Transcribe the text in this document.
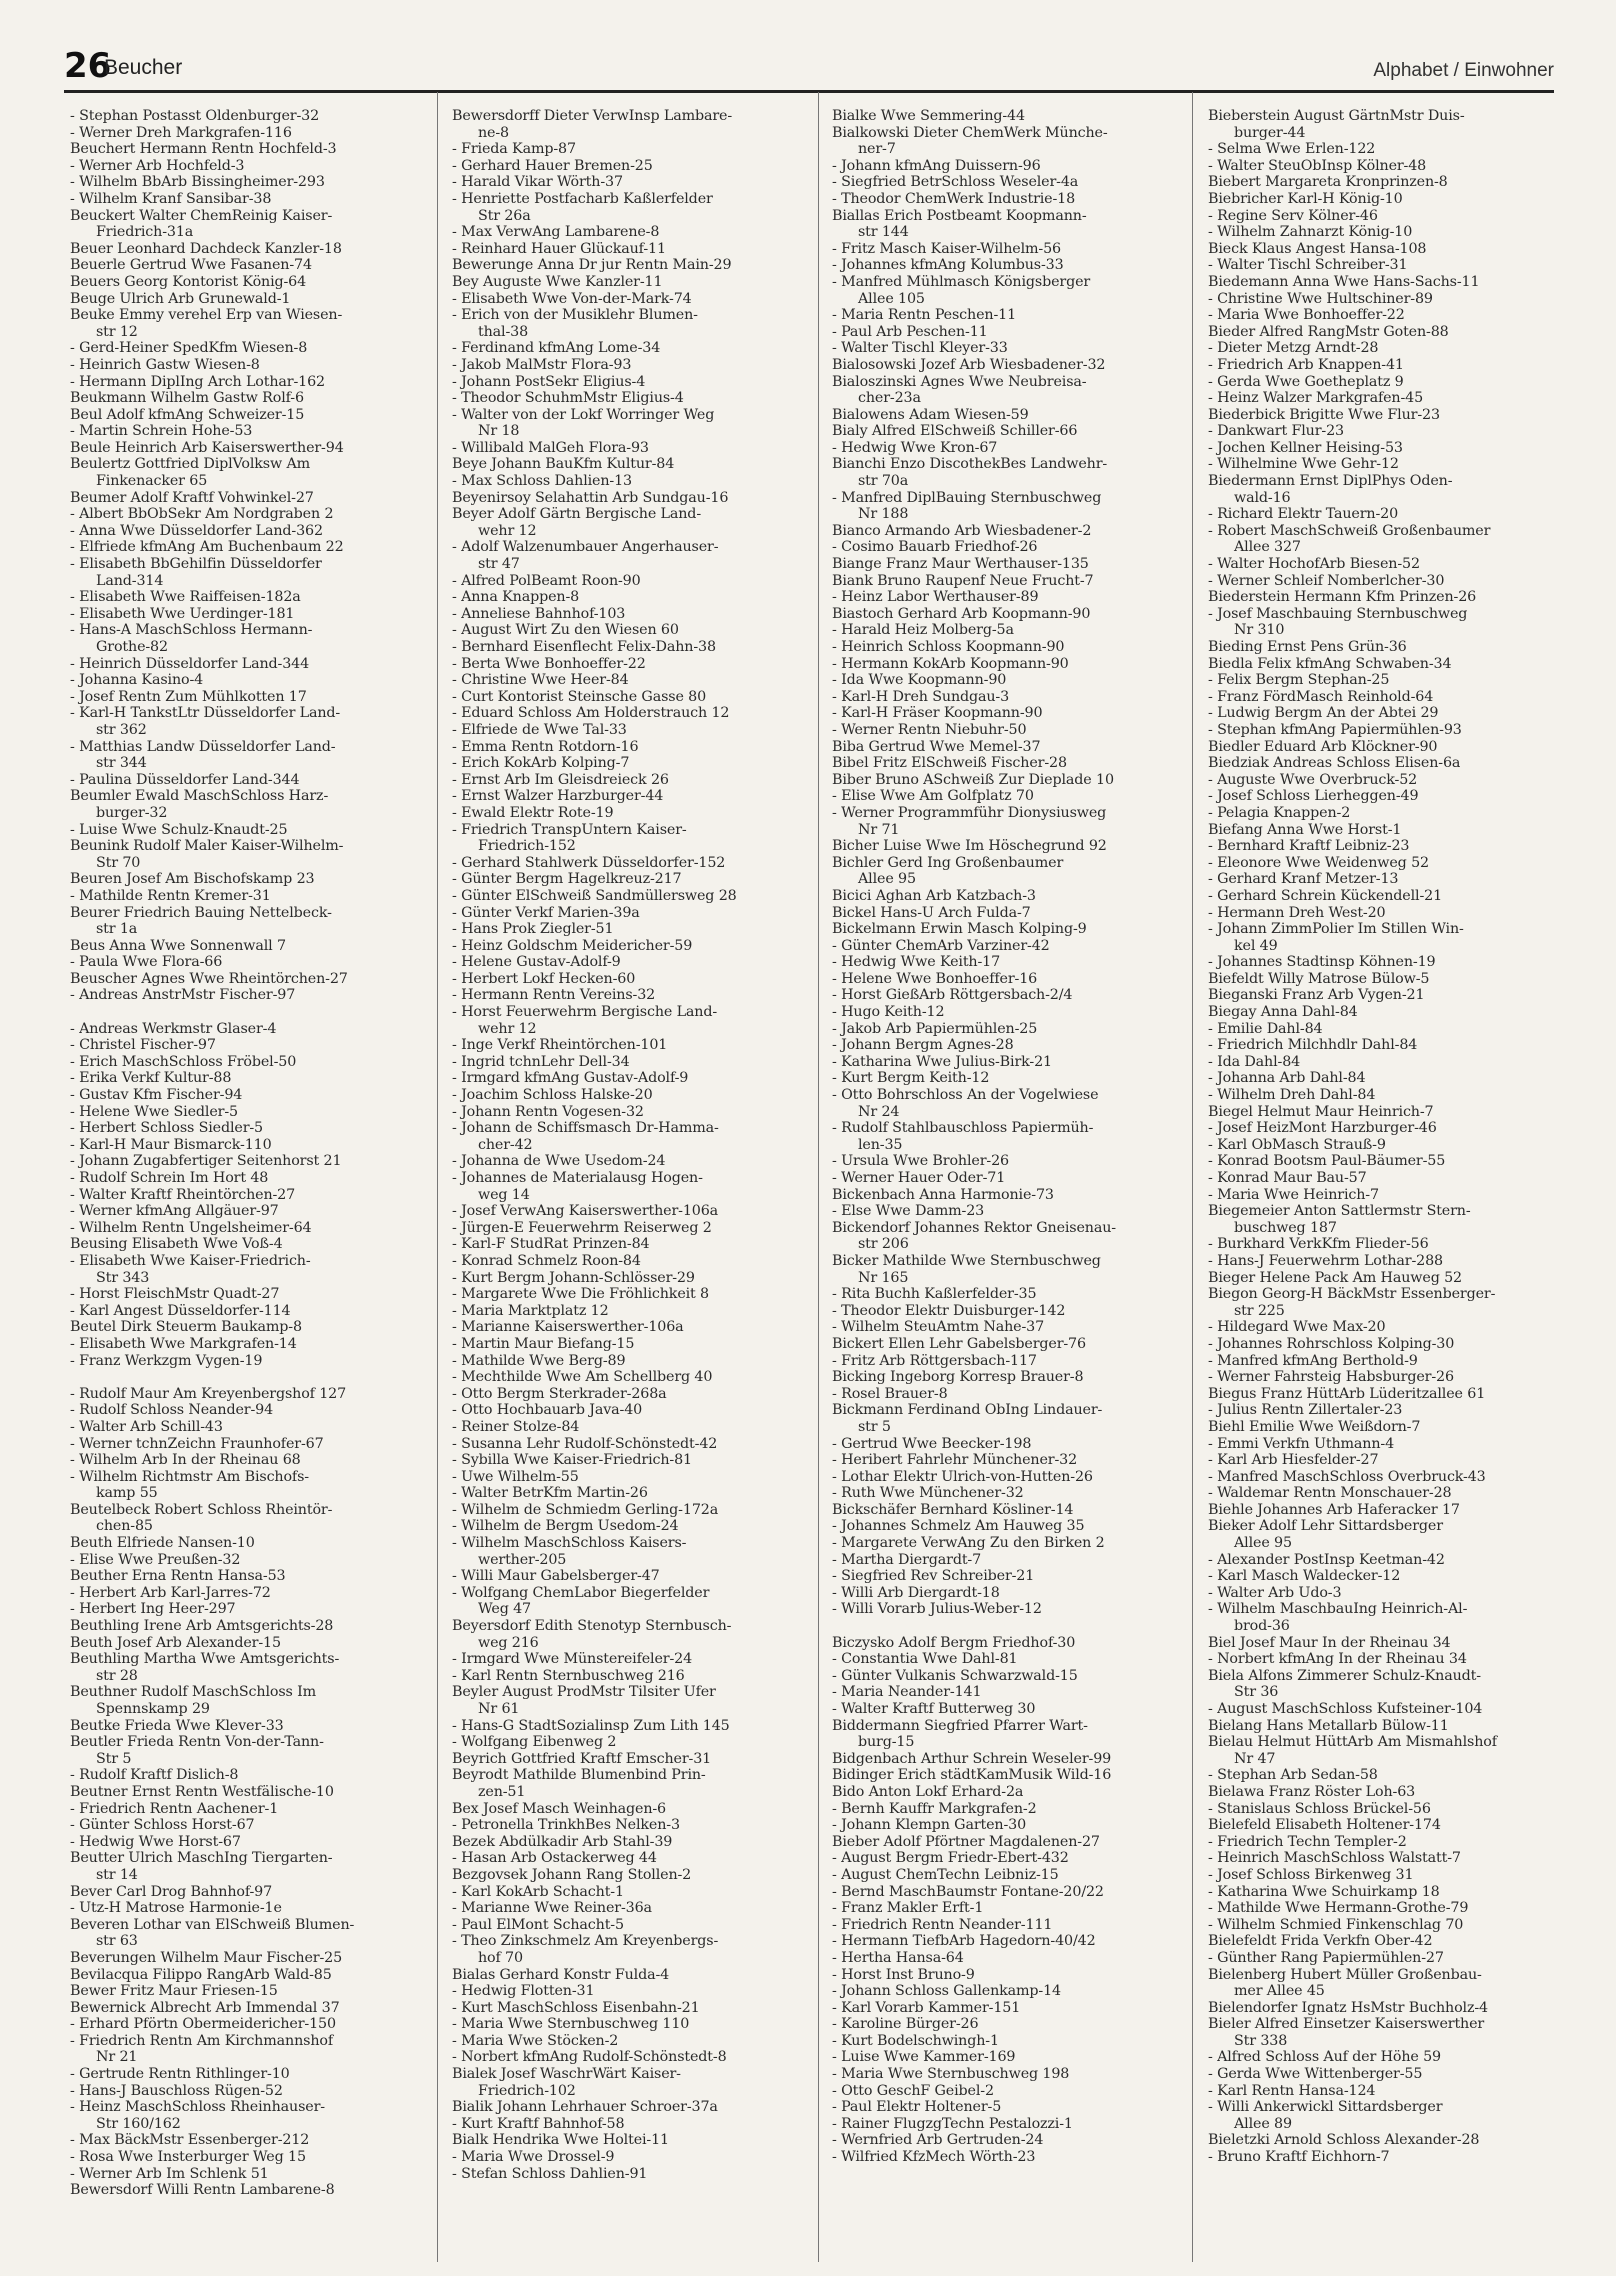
26
Beucher	Alphabet / Einwohner

- Stephan Postasst Oldenburger-32

- Werner Dreh Markgrafen-116

Beuchert Hermann Rentn Hochfeld-3

- Werner Arb Hochfeld-3

- Wilhelm BbArb Bissingheimer-293

- Wilhelm Kranf Sansibar-38

Beuckert Walter ChemReinig Kaiser-

Friedrich-31a

Beuer Leonhard Dachdeck Kanzler-18

Beuerle Gertrud Wwe Fasanen-74

Beuers Georg Kontorist König-64

Beuge Ulrich Arb Grunewald-1

Beuke Emmy verehel Erp van Wiesen-

str 12

- Gerd-Heiner SpedKfm Wiesen-8

- Heinrich Gastw Wiesen-8

- Hermann DiplIng Arch Lothar-162

Beukmann Wilhelm Gastw Rolf-6

Beul Adolf kfmAng Schweizer-15

- Martin Schrein Hohe-53

Beule Heinrich Arb Kaiserswerther-94

Beulertz Gottfried DiplVolksw Am

Finkenacker 65

Beumer Adolf Kraftf Vohwinkel-27

- Albert BbObSekr Am Nordgraben 2

- Anna Wwe Düsseldorfer Land-362

- Elfriede kfmAng Am Buchenbaum 22

- Elisabeth BbGehilfin Düsseldorfer

Land-314

- Elisabeth Wwe Raiffeisen-182a

- Elisabeth Wwe Uerdinger-181

- Hans-A MaschSchloss Hermann-

Grothe-82

- Heinrich Düsseldorfer Land-344

- Johanna Kasino-4

- Josef Rentn Zum Mühlkotten 17

- Karl-H TankstLtr Düsseldorfer Land-

str 362

- Matthias Landw Düsseldorfer Land-

str 344

- Paulina Düsseldorfer Land-344

Beumler Ewald MaschSchloss Harz-

burger-32

- Luise Wwe Schulz-Knaudt-25

Beunink Rudolf Maler Kaiser-Wilhelm-

Str 70

Beuren Josef Am Bischofskamp 23

- Mathilde Rentn Kremer-31

Beurer Friedrich Bauing Nettelbeck-

str 1a

Beus Anna Wwe Sonnenwall 7

- Paula Wwe Flora-66

Beuscher Agnes Wwe Rheintörchen-27

- Andreas AnstrMstr Fischer-97

- Andreas Werkmstr Glaser-4

- Christel Fischer-97

- Erich MaschSchloss Fröbel-50

- Erika Verkf Kultur-88

- Gustav Kfm Fischer-94

- Helene Wwe Siedler-5

- Herbert Schloss Siedler-5

- Karl-H Maur Bismarck-110

- Johann Zugabfertiger Seitenhorst 21

- Rudolf Schrein Im Hort 48

- Walter Kraftf Rheintörchen-27

- Werner kfmAng Allgäuer-97

- Wilhelm Rentn Ungelsheimer-64

Beusing Elisabeth Wwe Voß-4

- Elisabeth Wwe Kaiser-Friedrich-

Str 343

- Horst FleischMstr Quadt-27

- Karl Angest Düsseldorfer-114

Beutel Dirk Steuerm Baukamp-8

- Elisabeth Wwe Markgrafen-14

- Franz Werkzgm Vygen-19

- Rudolf Maur Am Kreyenbergshof 127

- Rudolf Schloss Neander-94

- Walter Arb Schill-43

- Werner tchnZeichn Fraunhofer-67

- Wilhelm Arb In der Rheinau 68

- Wilhelm Richtmstr Am Bischofs-

kamp 55

Beutelbeck Robert Schloss Rheintör-

chen-85

Beuth Elfriede Nansen-10

- Elise Wwe Preußen-32

Beuther Erna Rentn Hansa-53

- Herbert Arb Karl-Jarres-72

- Herbert Ing Heer-297

Beuthling Irene Arb Amtsgerichts-28

Beuth Josef Arb Alexander-15

Beuthling Martha Wwe Amtsgerichts-

str 28

Beuthner Rudolf MaschSchloss Im

Spennskamp 29

Beutke Frieda Wwe Klever-33

Beutler Frieda Rentn Von-der-Tann-

Str 5

- Rudolf Kraftf Dislich-8

Beutner Ernst Rentn Westfälische-10

- Friedrich Rentn Aachener-1

- Günter Schloss Horst-67

- Hedwig Wwe Horst-67

Beutter Ulrich MaschIng Tiergarten-

str 14

Bever Carl Drog Bahnhof-97

- Utz-H Matrose Harmonie-1e

Beveren Lothar van ElSchweiß Blumen-

str 63

Beverungen Wilhelm Maur Fischer-25

Bevilacqua Filippo RangArb Wald-85

Bewer Fritz Maur Friesen-15

Bewernick Albrecht Arb Immendal 37

- Erhard Pförtn Obermeidericher-150

- Friedrich Rentn Am Kirchmannshof

Nr 21

- Gertrude Rentn Rithlinger-10

- Hans-J Bauschloss Rügen-52

- Heinz MaschSchloss Rheinhauser-

Str 160/162

- Max BäckMstr Essenberger-212

- Rosa Wwe Insterburger Weg 15

- Werner Arb Im Schlenk 51

Bewersdorf Willi Rentn Lambarene-8

Bewersdorff Dieter VerwInsp Lambare-

ne-8

- Frieda Kamp-87

- Gerhard Hauer Bremen-25

- Harald Vikar Wörth-37

- Henriette Postfacharb Kaßlerfelder

Str 26a

- Max VerwAng Lambarene-8

- Reinhard Hauer Glückauf-11

Bewerunge Anna Dr jur Rentn Main-29

Bey Auguste Wwe Kanzler-11

- Elisabeth Wwe Von-der-Mark-74

- Erich von der Musiklehr Blumen-

thal-38

- Ferdinand kfmAng Lome-34

- Jakob MalMstr Flora-93

- Johann PostSekr Eligius-4

- Theodor SchuhmMstr Eligius-4

- Walter von der Lokf Worringer Weg

Nr 18

- Willibald MalGeh Flora-93

Beye Johann BauKfm Kultur-84

- Max Schloss Dahlien-13

Beyenirsoy Selahattin Arb Sundgau-16

Beyer Adolf Gärtn Bergische Land-

wehr 12

- Adolf Walzenumbauer Angerhauser-

str 47

- Alfred PolBeamt Roon-90

- Anna Knappen-8

- Anneliese Bahnhof-103

- August Wirt Zu den Wiesen 60

- Bernhard Eisenflecht Felix-Dahn-38

- Berta Wwe Bonhoeffer-22

- Christine Wwe Heer-84

- Curt Kontorist Steinsche Gasse 80

- Eduard Schloss Am Holderstrauch 12

- Elfriede de Wwe Tal-33

- Emma Rentn Rotdorn-16

- Erich KokArb Kolping-7

- Ernst Arb Im Gleisdreieck 26

- Ernst Walzer Harzburger-44

- Ewald Elektr Rote-19

- Friedrich TranspUntern Kaiser-

Friedrich-152

- Gerhard Stahlwerk Düsseldorfer-152

- Günter Bergm Hagelkreuz-217

- Günter ElSchweiß Sandmüllersweg 28

- Günter Verkf Marien-39a

- Hans Prok Ziegler-51

- Heinz Goldschm Meidericher-59

- Helene Gustav-Adolf-9

- Herbert Lokf Hecken-60

- Hermann Rentn Vereins-32

- Horst Feuerwehrm Bergische Land-

wehr 12

- Inge Verkf Rheintörchen-101

- Ingrid tchnLehr Dell-34

- Irmgard kfmAng Gustav-Adolf-9

- Joachim Schloss Halske-20

- Johann Rentn Vogesen-32

- Johann de Schiffsmasch Dr-Hamma-

cher-42

- Johanna de Wwe Usedom-24

- Johannes de Materialausg Hogen-

weg 14

- Josef VerwAng Kaiserswerther-106a

- Jürgen-E Feuerwehrm Reiserweg 2

- Karl-F StudRat Prinzen-84

- Konrad Schmelz Roon-84

- Kurt Bergm Johann-Schlösser-29

- Margarete Wwe Die Fröhlichkeit 8

- Maria Marktplatz 12

- Marianne Kaiserswerther-106a

- Martin Maur Biefang-15

- Mathilde Wwe Berg-89

- Mechthilde Wwe Am Schellberg 40

- Otto Bergm Sterkrader-268a

- Otto Hochbauarb Java-40

- Reiner Stolze-84

- Susanna Lehr Rudolf-Schönstedt-42

- Sybilla Wwe Kaiser-Friedrich-81

- Uwe Wilhelm-55

- Walter BetrKfm Martin-26

- Wilhelm de Schmiedm Gerling-172a

- Wilhelm de Bergm Usedom-24

- Wilhelm MaschSchloss Kaisers-

werther-205

- Willi Maur Gabelsberger-47

- Wolfgang ChemLabor Biegerfelder

Weg 47

Beyersdorf Edith Stenotyp Sternbusch-

weg 216

- Irmgard Wwe Münstereifeler-24

- Karl Rentn Sternbuschweg 216

Beyler August ProdMstr Tilsiter Ufer

Nr 61

- Hans-G StadtSozialinsp Zum Lith 145

- Wolfgang Eibenweg 2

Beyrich Gottfried Kraftf Emscher-31

Beyrodt Mathilde Blumenbind Prin-

zen-51

Bex Josef Masch Weinhagen-6

- Petronella TrinkhBes Nelken-3

Bezek Abdülkadir Arb Stahl-39

- Hasan Arb Ostackerweg 44

Bezgovsek Johann Rang Stollen-2

- Karl KokArb Schacht-1

- Marianne Wwe Reiner-36a

- Paul ElMont Schacht-5

- Theo Zinkschmelz Am Kreyenbergs-

hof 70

Bialas Gerhard Konstr Fulda-4

- Hedwig Flotten-31

- Kurt MaschSchloss Eisenbahn-21

- Maria Wwe Sternbuschweg 110

- Maria Wwe Stöcken-2

- Norbert kfmAng Rudolf-Schönstedt-8

Bialek Josef WaschrWärt Kaiser-

Friedrich-102

Bialik Johann Lehrhauer Schroer-37a

- Kurt Kraftf Bahnhof-58

Bialk Hendrika Wwe Holtei-11

- Maria Wwe Drossel-9

- Stefan Schloss Dahlien-91

Bialke Wwe Semmering-44

Bialkowski Dieter ChemWerk Münche-

ner-7

- Johann kfmAng Duissern-96

- Siegfried BetrSchloss Weseler-4a

- Theodor ChemWerk Industrie-18

Biallas Erich Postbeamt Koopmann-

str 144

- Fritz Masch Kaiser-Wilhelm-56

- Johannes kfmAng Kolumbus-33

- Manfred Mühlmasch Königsberger

Allee 105

- Maria Rentn Peschen-11

- Paul Arb Peschen-11

- Walter Tischl Kleyer-33

Bialosowski Jozef Arb Wiesbadener-32

Bialoszinski Agnes Wwe Neubreisa-

cher-23a

Bialowens Adam Wiesen-59

Bialy Alfred ElSchweiß Schiller-66

- Hedwig Wwe Kron-67

Bianchi Enzo DiscothekBes Landwehr-

str 70a

- Manfred DiplBauing Sternbuschweg

Nr 188

Bianco Armando Arb Wiesbadener-2

- Cosimo Bauarb Friedhof-26

Biange Franz Maur Werthauser-135

Biank Bruno Raupenf Neue Frucht-7

- Heinz Labor Werthauser-89

Biastoch Gerhard Arb Koopmann-90

- Harald Heiz Molberg-5a

- Heinrich Schloss Koopmann-90

- Hermann KokArb Koopmann-90

- Ida Wwe Koopmann-90

- Karl-H Dreh Sundgau-3

- Karl-H Fräser Koopmann-90

- Werner Rentn Niebuhr-50

Biba Gertrud Wwe Memel-37

Bibel Fritz ElSchweiß Fischer-28

Biber Bruno ASchweiß Zur Diepladе 10

- Elise Wwe Am Golfplatz 70

- Werner Programmführ Dionysiusweg

Nr 71

Bicher Luise Wwe Im Höschegrund 92

Bichler Gerd Ing Großenbaumer

Allee 95

Bicici Aghan Arb Katzbach-3

Bickel Hans-U Arch Fulda-7

Bickelmann Erwin Masch Kolping-9

- Günter ChemArb Varziner-42

- Hedwig Wwe Keith-17

- Helene Wwe Bonhoeffer-16

- Horst GießArb Röttgersbach-2/4

- Hugo Keith-12

- Jakob Arb Papiermühlen-25

- Johann Bergm Agnes-28

- Katharina Wwe Julius-Birk-21

- Kurt Bergm Keith-12

- Otto Bohrschloss An der Vogelwiese

Nr 24

- Rudolf Stahlbauschloss Papiermüh-

len-35

- Ursula Wwe Brohler-26

- Werner Hauer Oder-71

Bickenbach Anna Harmonie-73

- Else Wwe Damm-23

Bickendorf Johannes Rektor Gneisenau-

str 206

Bicker Mathilde Wwe Sternbuschweg

Nr 165

- Rita Buchh Kaßlerfelder-35

- Theodor Elektr Duisburger-142

- Wilhelm SteuAmtm Nahe-37

Bickert Ellen Lehr Gabelsberger-76

- Fritz Arb Röttgersbach-117

Bicking Ingeborg Korresp Brauer-8

- Rosel Brauer-8

Bickmann Ferdinand ObIng Lindauer-

str 5

- Gertrud Wwe Beecker-198

- Heribert Fahrlehr Münchener-32

- Lothar Elektr Ulrich-von-Hutten-26

- Ruth Wwe Münchener-32

Bickschäfer Bernhard Kösliner-14

- Johannes Schmelz Am Hauweg 35

- Margarete VerwAng Zu den Birken 2

- Martha Diergardt-7

- Siegfried Rev Schreiber-21

- Willi Arb Diergardt-18

- Willi Vorarb Julius-Weber-12

Biczysko Adolf Bergm Friedhof-30

- Constantia Wwe Dahl-81

- Günter Vulkanis Schwarzwald-15

- Maria Neander-141

- Walter Kraftf Butterweg 30

Biddermann Siegfried Pfarrer Wart-

burg-15

Bidgenbach Arthur Schrein Weseler-99

Bidinger Erich städtKamMusik Wild-16

Bido Anton Lokf Erhard-2a

- Bernh Kauffr Markgrafen-2

- Johann Klempn Garten-30

Bieber Adolf Pförtner Magdalenen-27

- August Bergm Friedr-Ebert-432

- August ChemTechn Leibniz-15

- Bernd MaschBaumstr Fontane-20/22

- Franz Makler Erft-1

- Friedrich Rentn Neander-111

- Hermann TiefbArb Hagedorn-40/42

- Hertha Hansa-64

- Horst Inst Bruno-9

- Johann Schloss Gallenkamp-14

- Karl Vorarb Kammer-151

- Karoline Bürger-26

- Kurt Bodelschwingh-1

- Luise Wwe Kammer-169

- Maria Wwe Sternbuschweg 198

- Otto GeschF Geibel-2

- Paul Elektr Holtener-5

- Rainer FlugzgTechn Pestalozzi-1

- Wernfried Arb Gertruden-24

- Wilfried KfzMech Wörth-23

Bieberstein August GärtnMstr Duis-

burger-44

- Selma Wwe Erlen-122

- Walter SteuObInsp Kölner-48

Biebert Margareta Kronprinzen-8

Biebricher Karl-H König-10

- Regine Serv Kölner-46

- Wilhelm Zahnarzt König-10

Bieck Klaus Angest Hansa-108

- Walter Tischl Schreiber-31

Biedemann Anna Wwe Hans-Sachs-11

- Christine Wwe Hultschiner-89

- Maria Wwe Bonhoeffer-22

Bieder Alfred RangMstr Goten-88

- Dieter Metzg Arndt-28

- Friedrich Arb Knappen-41

- Gerda Wwe Goetheplatz 9

- Heinz Walzer Markgrafen-45

Biederbick Brigitte Wwe Flur-23

- Dankwart Flur-23

- Jochen Kellner Heising-53

- Wilhelmine Wwe Gehr-12

Biedermann Ernst DiplPhys Oden-

wald-16

- Richard Elektr Tauern-20

- Robert MaschSchweiß Großenbaumer

Allee 327

- Walter HochofArb Biesen-52

- Werner Schleif Nomberlcher-30

Biederstein Hermann Kfm Prinzen-26

- Josef Maschbauing Sternbuschweg

Nr 310

Bieding Ernst Pens Grün-36

Biedla Felix kfmAng Schwaben-34

- Felix Bergm Stephan-25

- Franz FördMasch Reinhold-64

- Ludwig Bergm An der Abtei 29

- Stephan kfmAng Papiermühlen-93

Biedler Eduard Arb Klöckner-90

Biedziak Andreas Schloss Elisen-6a

- Auguste Wwe Overbruck-52

- Josef Schloss Lierheggen-49

- Pelagia Knappen-2

Biefang Anna Wwe Horst-1

- Bernhard Kraftf Leibniz-23

- Eleonore Wwe Weidenweg 52

- Gerhard Kranf Metzer-13

- Gerhard Schrein Kückendell-21

- Hermann Dreh West-20

- Johann ZimmPolier Im Stillen Win-

kel 49

- Johannes Stadtinsp Köhnen-19

Biefeldt Willy Matrose Bülow-5

Bieganski Franz Arb Vygen-21

Biegay Anna Dahl-84

- Emilie Dahl-84

- Friedrich Milchhdlr Dahl-84

- Ida Dahl-84

- Johanna Arb Dahl-84

- Wilhelm Dreh Dahl-84

Biegel Helmut Maur Heinrich-7

- Josef HeizMont Harzburger-46

- Karl ObMasch Strauß-9

- Konrad Bootsm Paul-Bäumer-55

- Konrad Maur Bau-57

- Maria Wwe Heinrich-7

Biegemeier Anton Sattlermstr Stern-

buschweg 187

- Burkhard VerkKfm Flieder-56

- Hans-J Feuerwehrm Lothar-288

Bieger Helene Pack Am Hauweg 52

Biegon Georg-H BäckMstr Essenberger-

str 225

- Hildegard Wwe Max-20

- Johannes Rohrschloss Kolping-30

- Manfred kfmAng Berthold-9

- Werner Fahrsteig Habsburger-26

Biegus Franz HüttArb Lüderitzallee 61

- Julius Rentn Zillertaler-23

Biehl Emilie Wwe Weißdorn-7

- Emmi Verkfn Uthmann-4

- Karl Arb Hiesfelder-27

- Manfred MaschSchloss Overbruck-43

- Waldemar Rentn Monschauer-28

Biehle Johannes Arb Haferacker 17

Bieker Adolf Lehr Sittardsberger

Allee 95

- Alexander PostInsp Keetman-42

- Karl Masch Waldecker-12

- Walter Arb Udo-3

- Wilhelm MaschbauIng Heinrich-Al-

brod-36

Biel Josef Maur In der Rheinau 34

- Norbert kfmAng In der Rheinau 34

Biela Alfons Zimmerer Schulz-Knaudt-

Str 36

- August MaschSchloss Kufsteiner-104

Bielang Hans Metallarb Bülow-11

Bielau Helmut HüttArb Am Mismahlshof

Nr 47

- Stephan Arb Sedan-58

Bielawa Franz Röster Loh-63

- Stanislaus Schloss Brückel-56

Bielefeld Elisabeth Holtener-174

- Friedrich Techn Templer-2

- Heinrich MaschSchloss Walstatt-7

- Josef Schloss Birkenweg 31

- Katharina Wwe Schuirkamp 18

- Mathilde Wwe Hermann-Grothe-79

- Wilhelm Schmied Finkenschlag 70

Bielefeldt Frida Verkfn Ober-42

- Günther Rang Papiermühlen-27

Bielenberg Hubert Müller Großenbau-

mer Allee 45

Bielendorfer Ignatz HsMstr Buchholz-4

Bieler Alfred Einsetzer Kaiserswerther

Str 338

- Alfred Schloss Auf der Höhe 59

- Gerda Wwe Wittenberger-55

- Karl Rentn Hansa-124

- Willi Ankerwickl Sittardsberger

Allee 89

Bieletzki Arnold Schloss Alexander-28

- Bruno Kraftf Eichhorn-7
